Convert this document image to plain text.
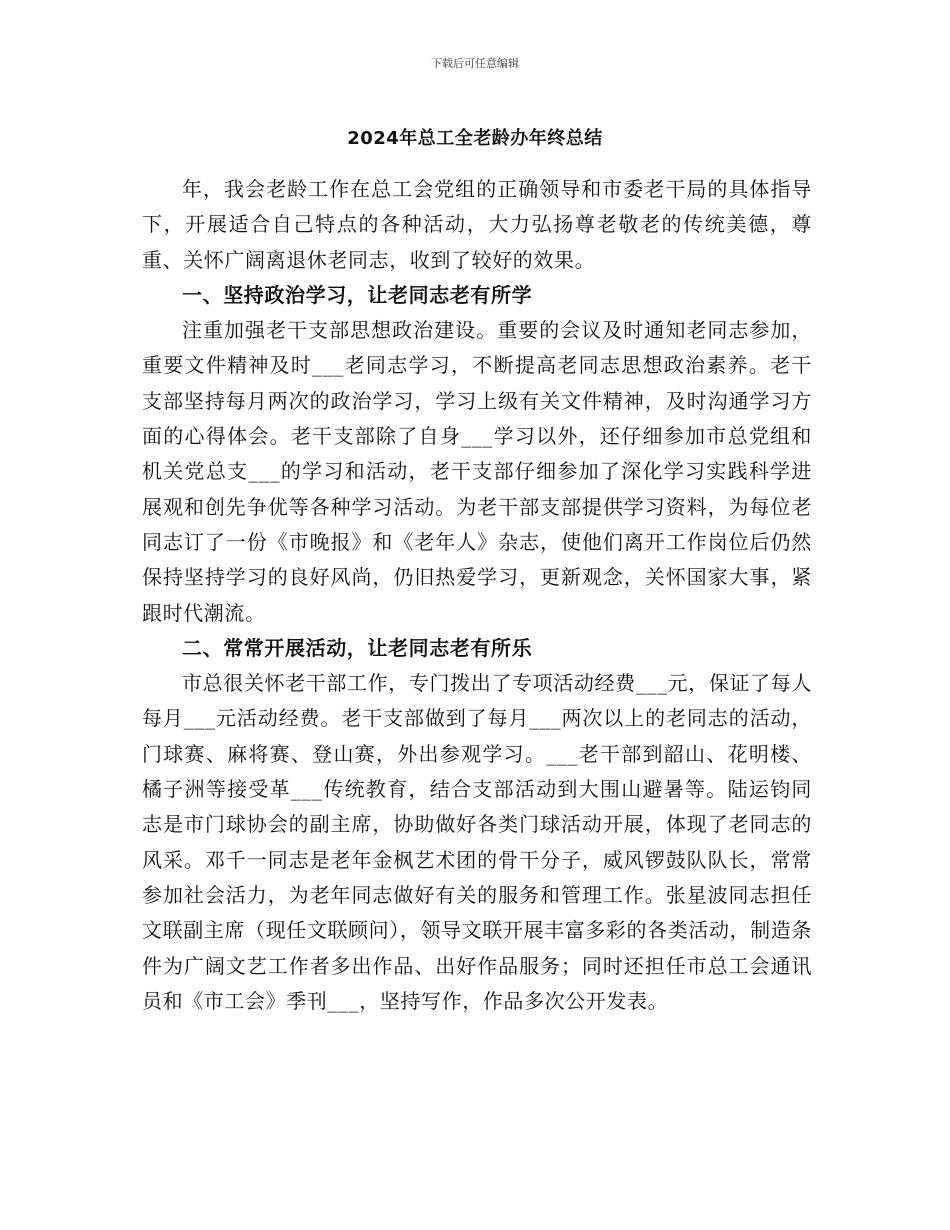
下载后可任意编辑
2024年总工全老龄办年终总结

年，我会老龄工作在总工会党组的正确领导和市委老干局的具体指导下，开展适合自己特点的各种活动，大力弘扬尊老敬老的传统美德，尊重、关怀广阔离退休老同志，收到了较好的效果。

一、坚持政治学习，让老同志老有所学

注重加强老干支部思想政治建设。重要的会议及时通知老同志参加，重要文件精神及时___老同志学习，不断提高老同志思想政治素养。老干支部坚持每月两次的政治学习，学习上级有关文件精神，及时沟通学习方面的心得体会。老干支部除了自身___学习以外，还仔细参加市总党组和机关党总支___的学习和活动，老干支部仔细参加了深化学习实践科学进展观和创先争优等各种学习活动。为老干部支部提供学习资料，为每位老同志订了一份《市晚报》和《老年人》杂志，使他们离开工作岗位后仍然保持坚持学习的良好风尚，仍旧热爱学习，更新观念，关怀国家大事，紧跟时代潮流。

二、常常开展活动，让老同志老有所乐

市总很关怀老干部工作，专门拨出了专项活动经费___元，保证了每人每月___元活动经费。老干支部做到了每月___两次以上的老同志的活动，门球赛、麻将赛、登山赛，外出参观学习。___老干部到韶山、花明楼、橘子洲等接受革___传统教育，结合支部活动到大围山避暑等。陆运钧同志是市门球协会的副主席，协助做好各类门球活动开展，体现了老同志的风采。邓千一同志是老年金枫艺术团的骨干分子，威风锣鼓队队长，常常参加社会活力，为老年同志做好有关的服务和管理工作。张星波同志担任文联副主席（现任文联顾问），领导文联开展丰富多彩的各类活动，制造条件为广阔文艺工作者多出作品、出好作品服务；同时还担任市总工会通讯员和《市工会》季刊___，坚持写作，作品多次公开发表。
